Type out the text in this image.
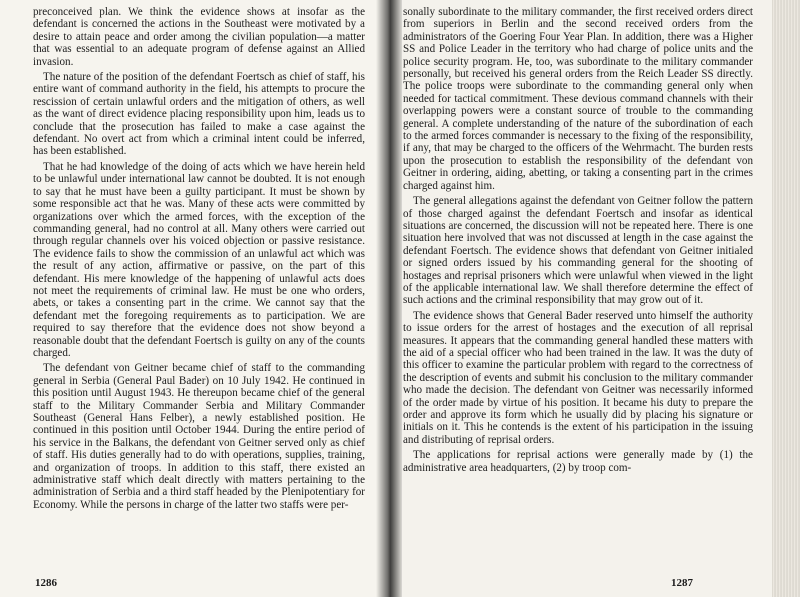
preconceived plan. We think the evidence shows at insofar as the defendant is concerned the actions in the Southeast were motivated by a desire to attain peace and order among the civilian population—a matter that was essential to an adequate program of defense against an Allied invasion.

The nature of the position of the defendant Foertsch as chief of staff, his entire want of command authority in the field, his attempts to procure the rescission of certain unlawful orders and the mitigation of others, as well as the want of direct evidence placing responsibility upon him, leads us to conclude that the prosecution has failed to make a case against the defendant. No overt act from which a criminal intent could be inferred, has been established.

That he had knowledge of the doing of acts which we have herein held to be unlawful under international law cannot be doubted. It is not enough to say that he must have been a guilty participant. It must be shown by some responsible act that he was. Many of these acts were committed by organizations over which the armed forces, with the exception of the commanding general, had no control at all. Many others were carried out through regular channels over his voiced objection or passive resistance. The evidence fails to show the commission of an unlawful act which was the result of any action, affirmative or passive, on the part of this defendant. His mere knowledge of the happening of unlawful acts does not meet the requirements of criminal law. He must be one who orders, abets, or takes a consenting part in the crime. We cannot say that the defendant met the foregoing requirements as to participation. We are required to say therefore that the evidence does not show beyond a reasonable doubt that the defendant Foertsch is guilty on any of the counts charged.

The defendant von Geitner became chief of staff to the commanding general in Serbia (General Paul Bader) on 10 July 1942. He continued in this position until August 1943. He thereupon became chief of the general staff to the Military Commander Serbia and Military Commander Southeast (General Hans Felber), a newly established position. He continued in this position until October 1944. During the entire period of his service in the Balkans, the defendant von Geitner served only as chief of staff. His duties generally had to do with operations, supplies, training, and organization of troops. In addition to this staff, there existed an administrative staff which dealt directly with matters pertaining to the administration of Serbia and a third staff headed by the Plenipotentiary for Economy. While the persons in charge of the latter two staffs were per-

1286

sonally subordinate to the military commander, the first received orders direct from superiors in Berlin and the second received orders from the administrators of the Goering Four Year Plan. In addition, there was a Higher SS and Police Leader in the territory who had charge of police units and the police security program. He, too, was subordinate to the military commander personally, but received his general orders from the Reich Leader SS directly. The police troops were subordinate to the commanding general only when needed for tactical commitment. These devious command channels with their overlapping powers were a constant source of trouble to the commanding general. A complete understanding of the nature of the subordination of each to the armed forces commander is necessary to the fixing of the responsibility, if any, that may be charged to the officers of the Wehrmacht. The burden rests upon the prosecution to establish the responsibility of the defendant von Geitner in ordering, aiding, abetting, or taking a consenting part in the crimes charged against him.

The general allegations against the defendant von Geitner follow the pattern of those charged against the defendant Foertsch and insofar as identical situations are concerned, the discussion will not be repeated here. There is one situation here involved that was not discussed at length in the case against the defendant Foertsch. The evidence shows that defendant von Geitner initialed or signed orders issued by his commanding general for the shooting of hostages and reprisal prisoners which were unlawful when viewed in the light of the applicable international law. We shall therefore determine the effect of such actions and the criminal responsibility that may grow out of it.

The evidence shows that General Bader reserved unto himself the authority to issue orders for the arrest of hostages and the execution of all reprisal measures. It appears that the commanding general handled these matters with the aid of a special officer who had been trained in the law. It was the duty of this officer to examine the particular problem with regard to the correctness of the description of events and submit his conclusion to the military commander who made the decision. The defendant von Geitner was necessarily informed of the order made by virtue of his position. It became his duty to prepare the order and approve its form which he usually did by placing his signature or initials on it. This he contends is the extent of his participation in the issuing and distributing of reprisal orders.

The applications for reprisal actions were generally made by (1) the administrative area headquarters, (2) by troop com-

1287
